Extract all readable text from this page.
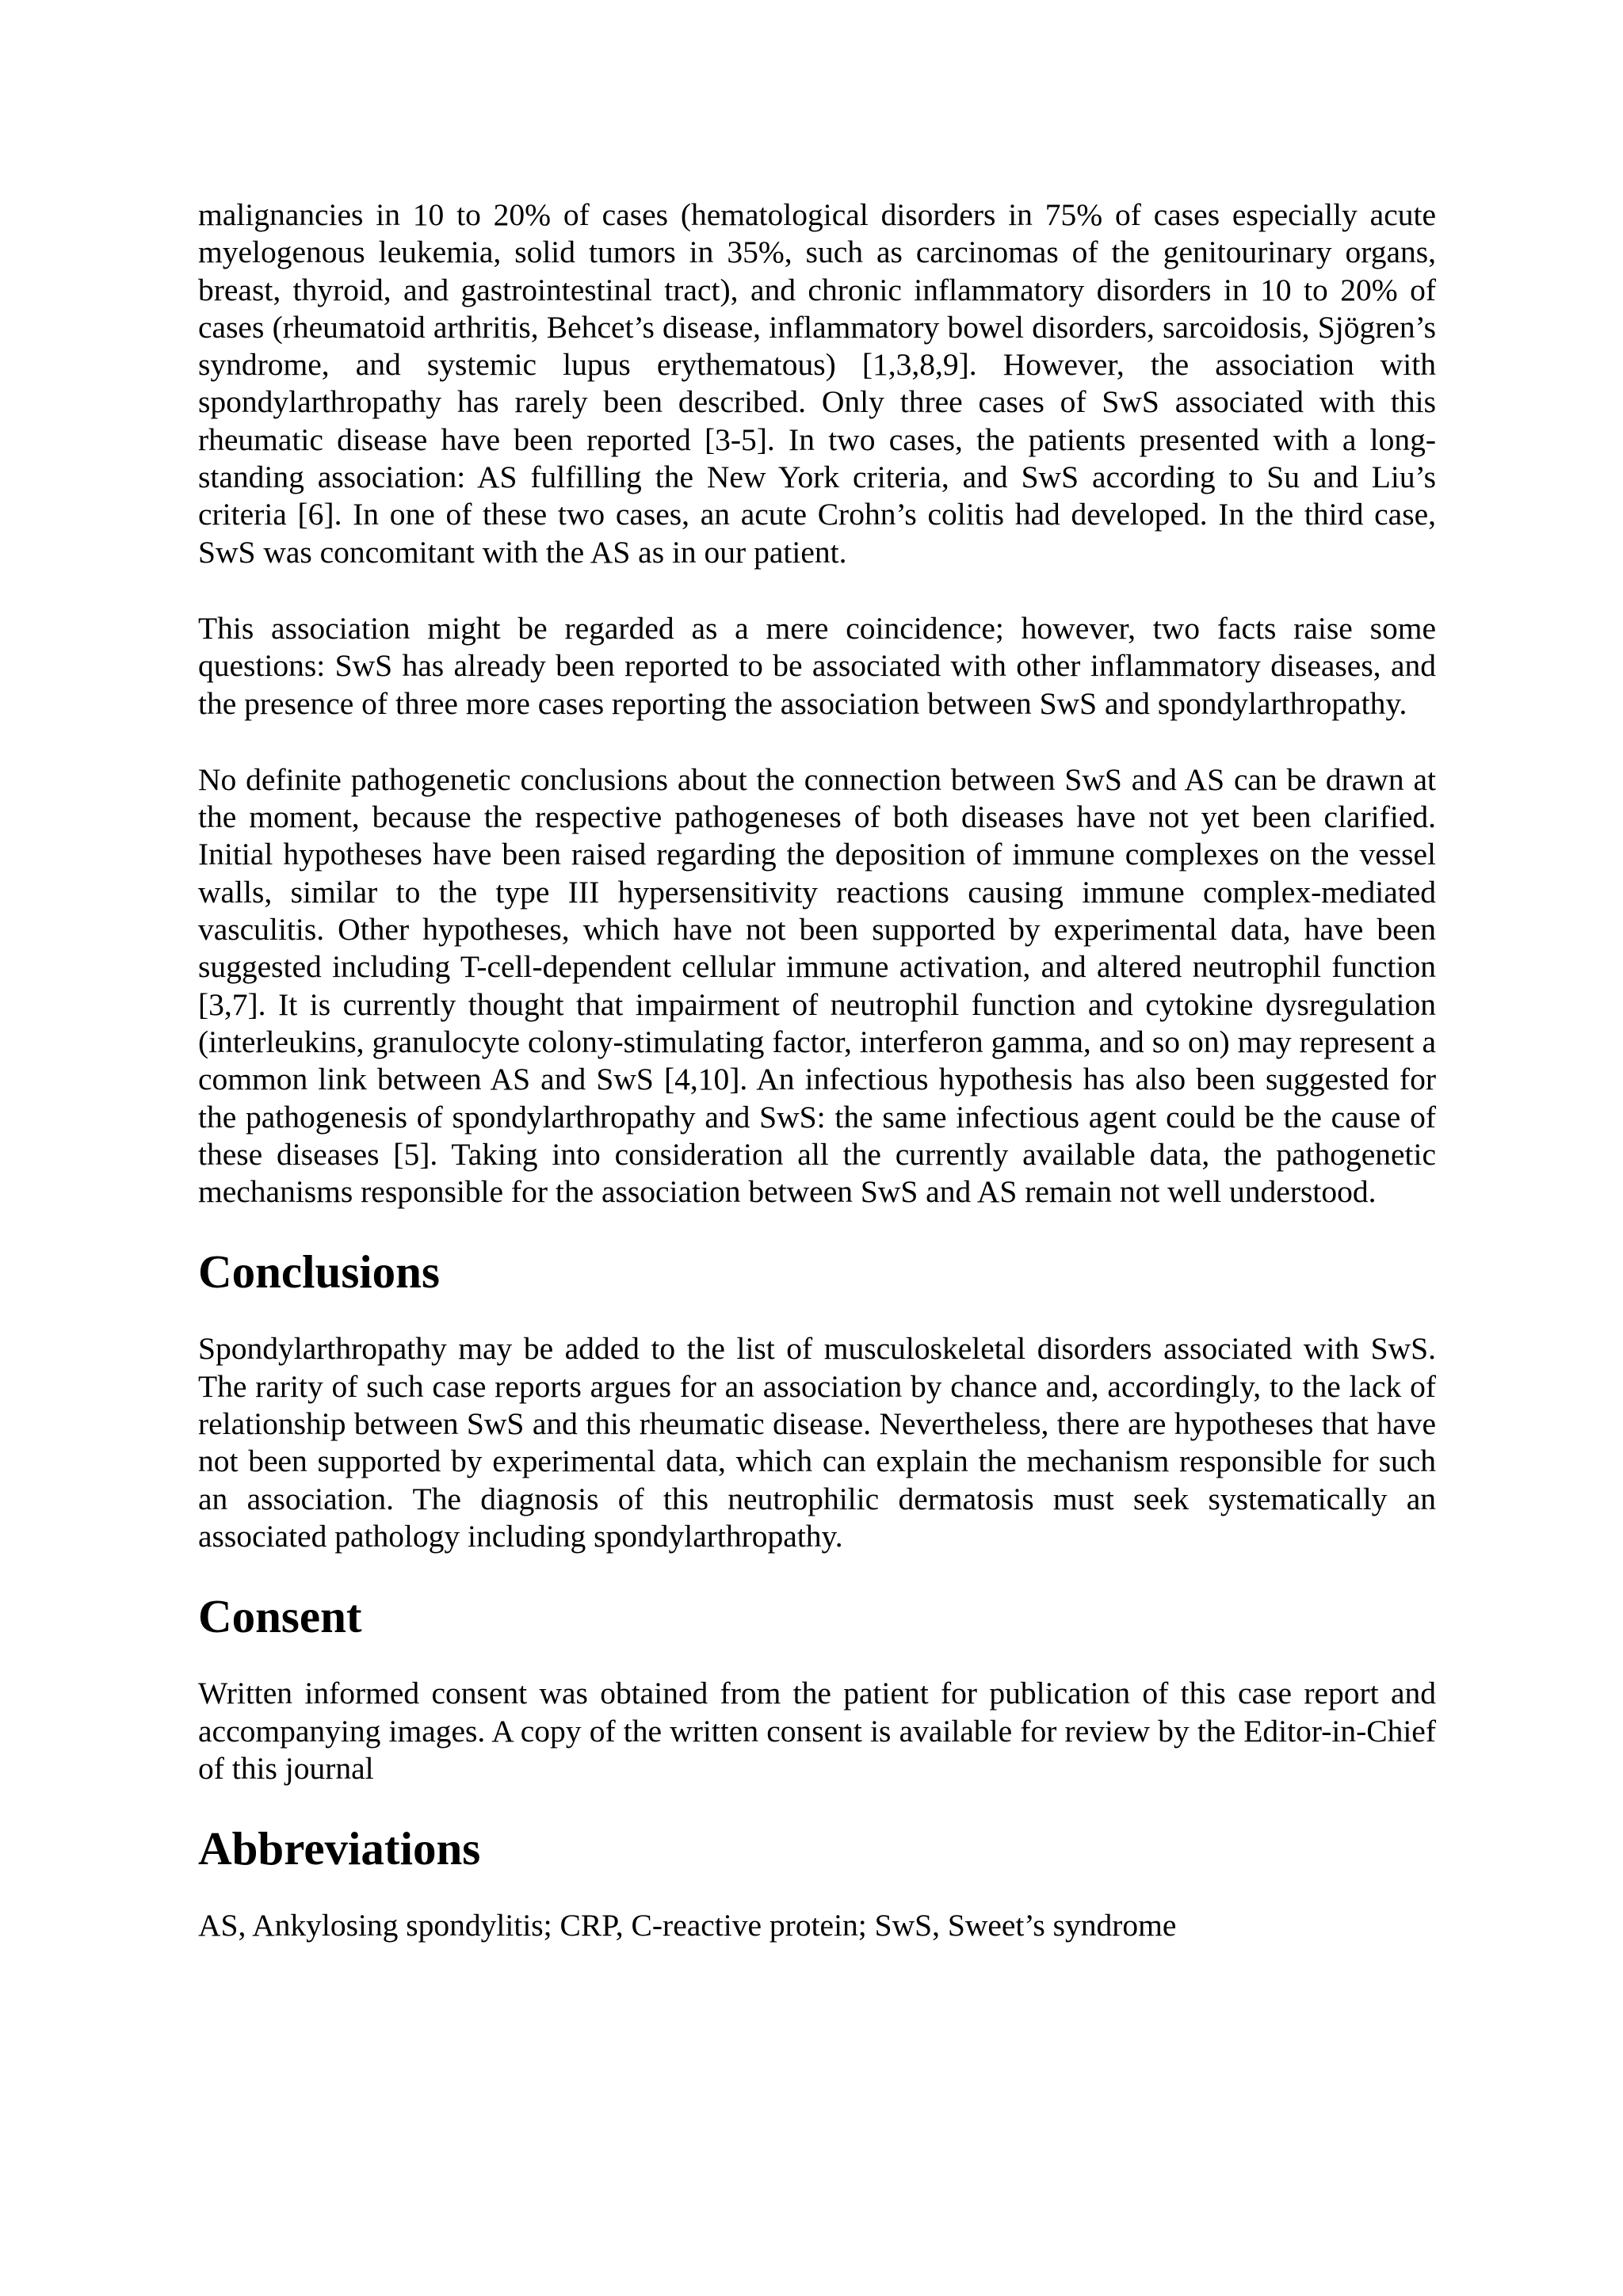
malignancies in 10 to 20% of cases (hematological disorders in 75% of cases especially acute myelogenous leukemia, solid tumors in 35%, such as carcinomas of the genitourinary organs, breast, thyroid, and gastrointestinal tract), and chronic inflammatory disorders in 10 to 20% of cases (rheumatoid arthritis, Behcet’s disease, inflammatory bowel disorders, sarcoidosis, Sjögren’s syndrome, and systemic lupus erythematous) [1,3,8,9]. However, the association with spondylarthropathy has rarely been described. Only three cases of SwS associated with this rheumatic disease have been reported [3-5]. In two cases, the patients presented with a long-standing association: AS fulfilling the New York criteria, and SwS according to Su and Liu’s criteria [6]. In one of these two cases, an acute Crohn’s colitis had developed. In the third case, SwS was concomitant with the AS as in our patient.

This association might be regarded as a mere coincidence; however, two facts raise some questions: SwS has already been reported to be associated with other inflammatory diseases, and the presence of three more cases reporting the association between SwS and spondylarthropathy.

No definite pathogenetic conclusions about the connection between SwS and AS can be drawn at the moment, because the respective pathogeneses of both diseases have not yet been clarified. Initial hypotheses have been raised regarding the deposition of immune complexes on the vessel walls, similar to the type III hypersensitivity reactions causing immune complex-mediated vasculitis. Other hypotheses, which have not been supported by experimental data, have been suggested including T-cell-dependent cellular immune activation, and altered neutrophil function [3,7]. It is currently thought that impairment of neutrophil function and cytokine dysregulation (interleukins, granulocyte colony-stimulating factor, interferon gamma, and so on) may represent a common link between AS and SwS [4,10]. An infectious hypothesis has also been suggested for the pathogenesis of spondylarthropathy and SwS: the same infectious agent could be the cause of these diseases [5]. Taking into consideration all the currently available data, the pathogenetic mechanisms responsible for the association between SwS and AS remain not well understood.

Conclusions

Spondylarthropathy may be added to the list of musculoskeletal disorders associated with SwS. The rarity of such case reports argues for an association by chance and, accordingly, to the lack of relationship between SwS and this rheumatic disease. Nevertheless, there are hypotheses that have not been supported by experimental data, which can explain the mechanism responsible for such an association. The diagnosis of this neutrophilic dermatosis must seek systematically an associated pathology including spondylarthropathy.

Consent

Written informed consent was obtained from the patient for publication of this case report and accompanying images. A copy of the written consent is available for review by the Editor-in-Chief of this journal

Abbreviations

AS, Ankylosing spondylitis; CRP, C-reactive protein; SwS, Sweet’s syndrome
